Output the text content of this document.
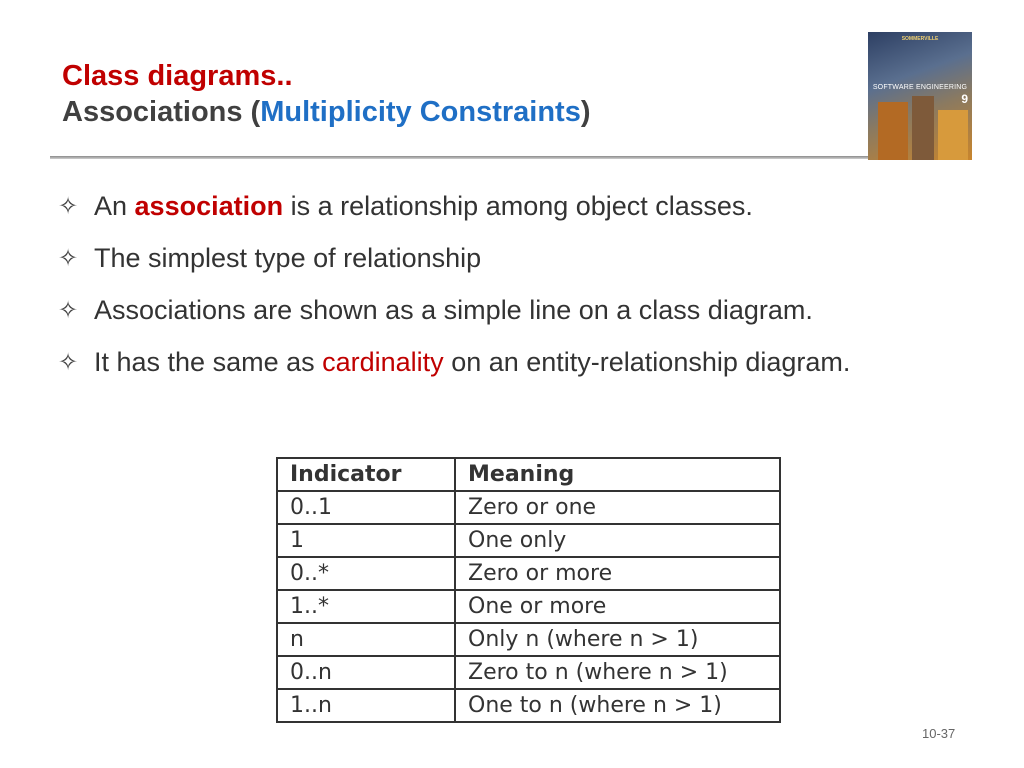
Class diagrams..
Associations (Multiplicity Constraints)
SOMMERVILLE
SOFTWARE ENGINEERING
9
✧ An association is a relationship among object classes.
✧ The simplest type of relationship
✧ Associations are shown as a simple line on a class diagram.
✧ It has the same as cardinality on an entity-relationship diagram.
Indicator	Meaning
0..1	Zero or one
1	One only
0..*	Zero or more
1..*	One or more
n	Only n (where n > 1)
0..n	Zero to n (where n > 1)
1..n	One to n (where n > 1)
10-37
